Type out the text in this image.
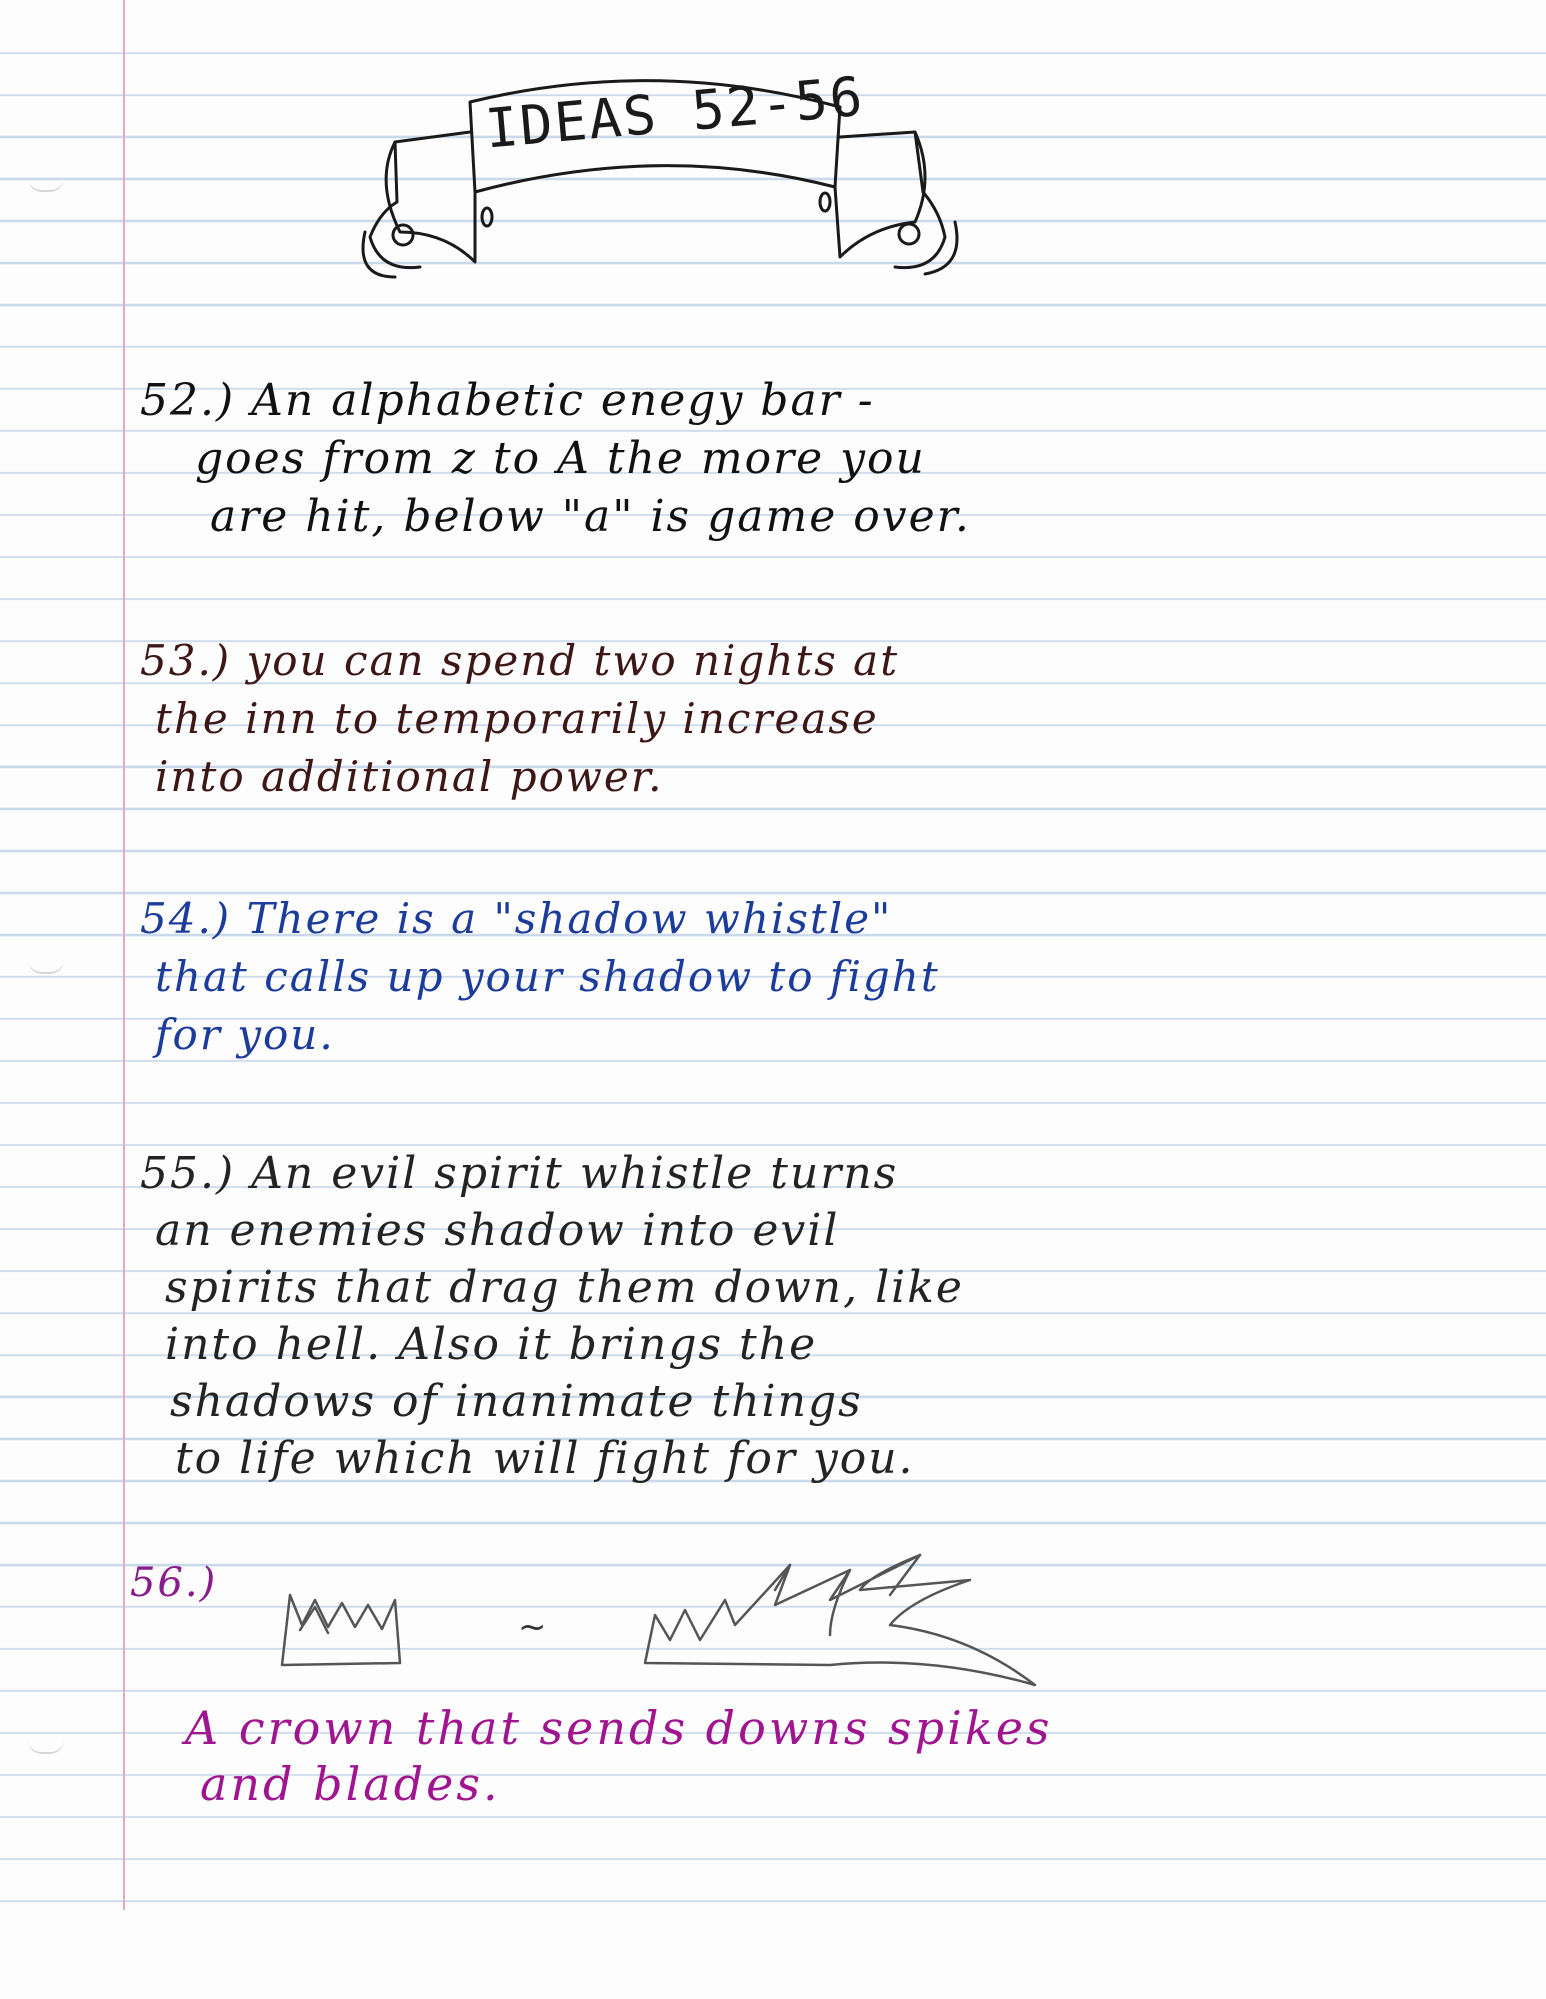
IDEAS 52-56
52.) An alphabetic enegy bar -
goes from z to A the more you
are hit, below "a" is game over.
53.) you can spend two nights at
the inn to temporarily increase
into additional power.
54.) There is a "shadow whistle"
that calls up your shadow to fight
for you.
55.) An evil spirit whistle turns
an enemies shadow into evil
spirits that drag them down, like
into hell. Also it brings the
shadows of inanimate things
to life which will fight for you.
56.)
~
A crown that sends downs spikes
and blades.
